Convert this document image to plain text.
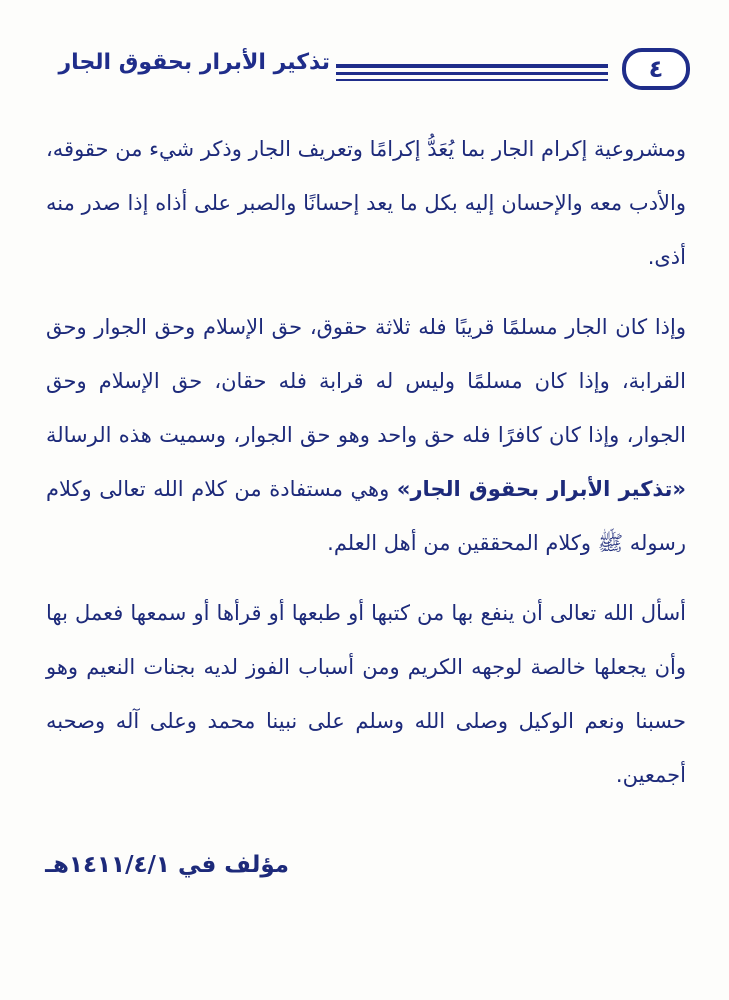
تذكير الأبرار بحقوق الجار	٤

ومشروعية إكرام الجار بما يُعَدُّ إكرامًا وتعريف الجار وذكر شيء من حقوقه، والأدب معه والإحسان إليه بكل ما يعد إحسانًا والصبر على أذاه إذا صدر منه أذى.

وإذا كان الجار مسلمًا قريبًا فله ثلاثة حقوق، حق الإسلام وحق الجوار وحق القرابة، وإذا كان مسلمًا وليس له قرابة فله حقان، حق الإسلام وحق الجوار، وإذا كان كافرًا فله حق واحد وهو حق الجوار، وسميت هذه الرسالة «تذكير الأبرار بحقوق الجار» وهي مستفادة من كلام الله تعالى وكلام رسوله ﷺ وكلام المحققين من أهل العلم.

أسأل الله تعالى أن ينفع بها من كتبها أو طبعها أو قرأها أو سمعها فعمل بها وأن يجعلها خالصة لوجهه الكريم ومن أسباب الفوز لديه بجنات النعيم وهو حسبنا ونعم الوكيل وصلى الله وسلم على نبينا محمد وعلى آله وصحبه أجمعين.

مؤلف في ١٤١١/٤/١هـ
